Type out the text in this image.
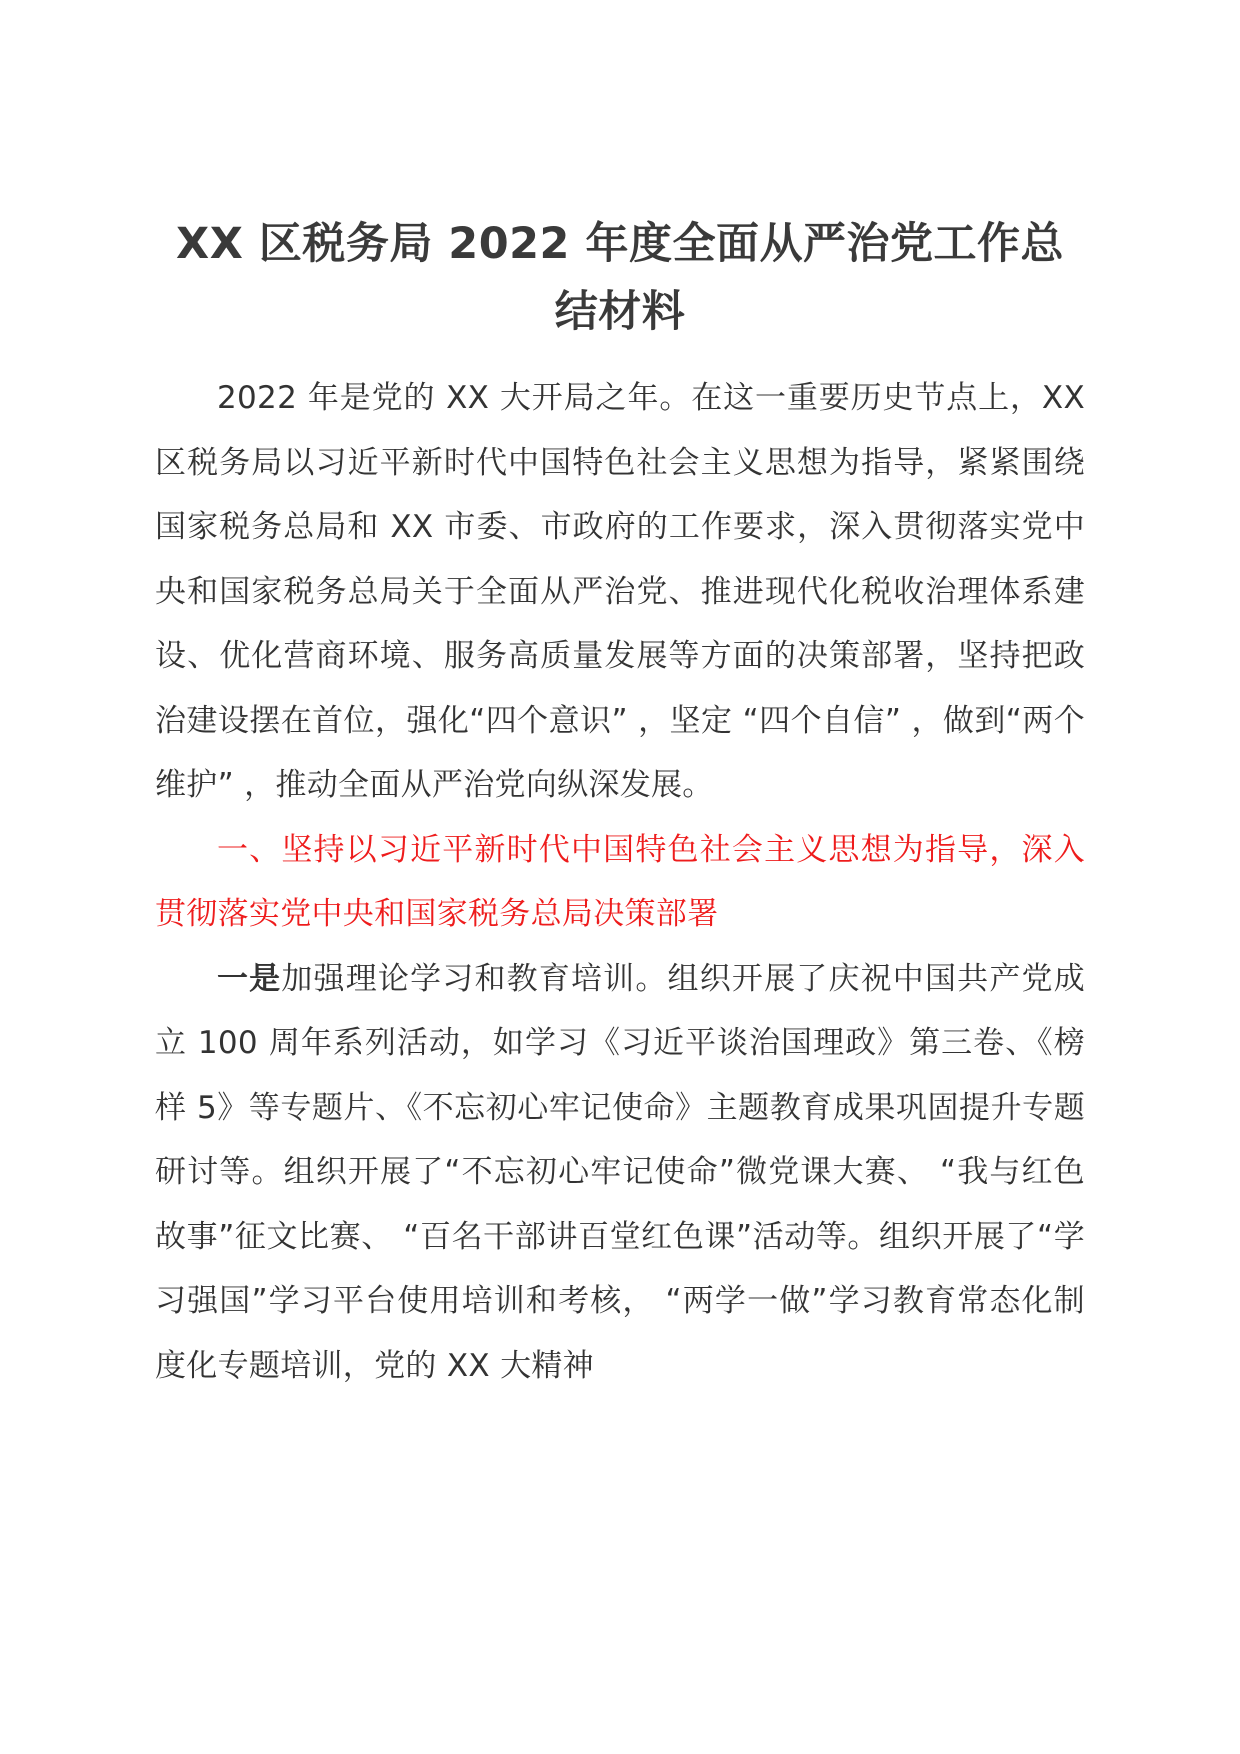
XX 区税务局 2022 年度全面从严治党工作总结材料

2022 年是党的 XX 大开局之年。在这一重要历史节点上，XX 区税务局以习近平新时代中国特色社会主义思想为指导，紧紧围绕国家税务总局和 XX 市委、市政府的工作要求，深入贯彻落实党中央和国家税务总局关于全面从严治党、推进现代化税收治理体系建设、优化营商环境、服务高质量发展等方面的决策部署，坚持把政治建设摆在首位，强化“四个意识” ，坚定 “四个自信” ，做到“两个维护” ，推动全面从严治党向纵深发展。

一、坚持以习近平新时代中国特色社会主义思想为指导，深入贯彻落实党中央和国家税务总局决策部署

一是加强理论学习和教育培训。组织开展了庆祝中国共产党成立 100 周年系列活动，如学习《习近平谈治国理政》第三卷、《榜样 5》等专题片、《不忘初心牢记使命》主题教育成果巩固提升专题研讨等。组织开展了“不忘初心牢记使命”微党课大赛、 “我与红色故事”征文比赛、 “百名干部讲百堂红色课”活动等。组织开展了“学习强国”学习平台使用培训和考核， “两学一做”学习教育常态化制度化专题培训，党的 XX 大精神
